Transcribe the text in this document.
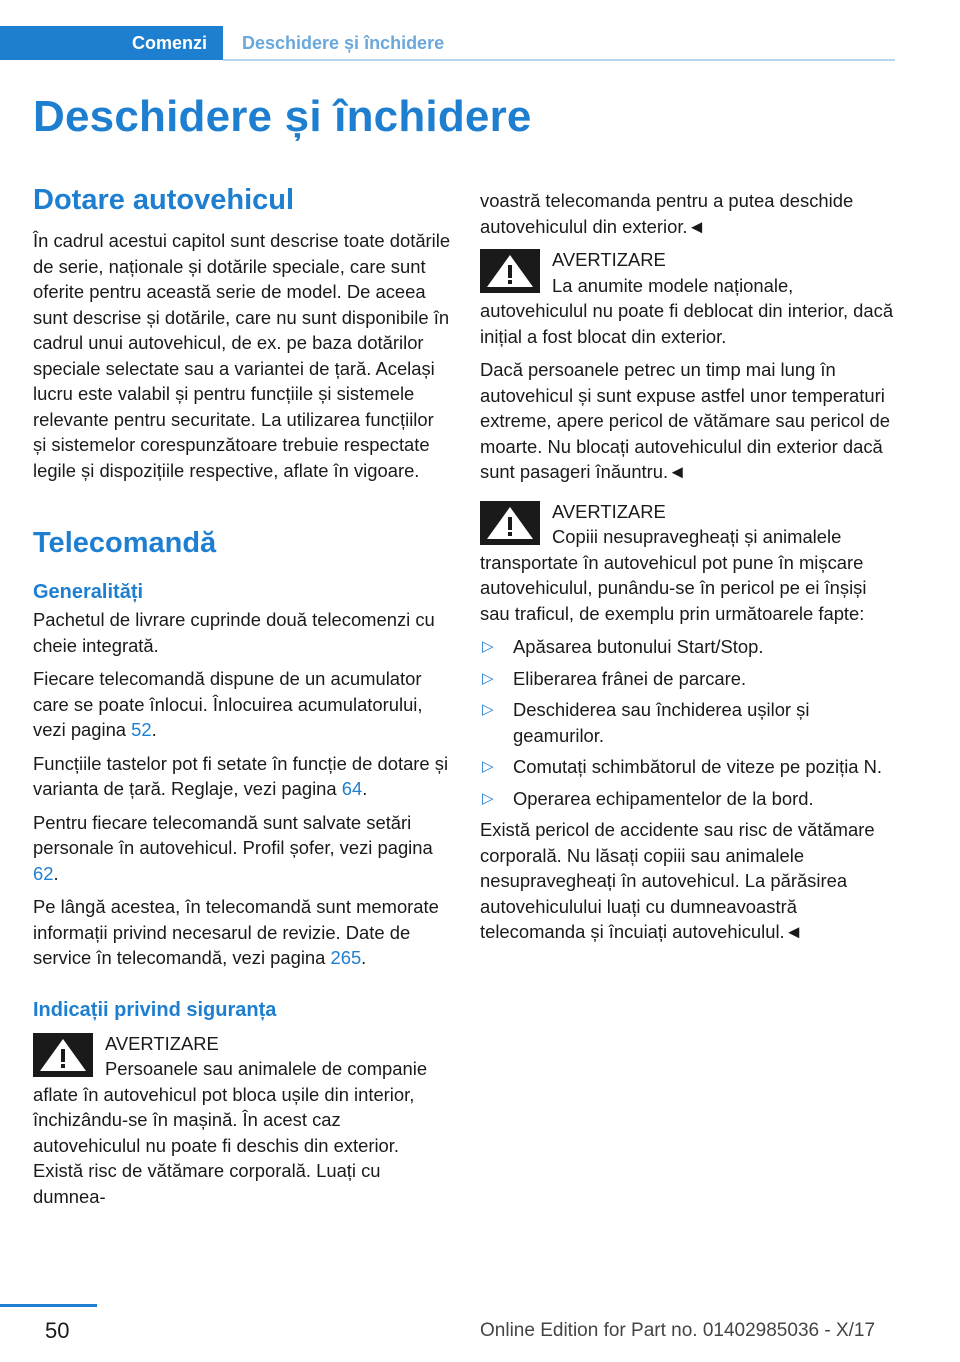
Comenzi	Deschidere și închidere
Deschidere și închidere
Dotare autovehicul

În cadrul acestui capitol sunt descrise toate dotările de serie, naționale și dotările speciale, care sunt oferite pentru această serie de model. De aceea sunt descrise și dotările, care nu sunt disponibile în cadrul unui autovehicul, de ex. pe baza dotărilor speciale selectate sau a variantei de țară. Același lucru este valabil și pentru funcțiile și sistemele relevante pentru securitate. La utilizarea funcțiilor și sistemelor corespunzătoare trebuie respectate legile și dispozițiile respective, aflate în vigoare.

Telecomandă
Generalități

Pachetul de livrare cuprinde două telecomenzi cu cheie integrată.

Fiecare telecomandă dispune de un acumulator care se poate înlocui. Înlocuirea acumulatorului, vezi pagina 52.

Funcțiile tastelor pot fi setate în funcție de dotare și varianta de țară. Reglaje, vezi pagina 64.

Pentru fiecare telecomandă sunt salvate setări personale în autovehicul. Profil șofer, vezi pagina 62.

Pe lângă acestea, în telecomandă sunt memorate informații privind necesarul de revizie. Date de service în telecomandă, vezi pagina 265.

Indicații privind siguranța
AVERTIZARE
Persoanele sau animalele de companie aflate în autovehicul pot bloca ușile din interior, închizându-se în mașină. În acest caz autovehiculul nu poate fi deschis din exterior. Există risc de vătămare corporală. Luați cu dumnea-

voastră telecomanda pentru a putea deschide autovehiculul din exterior.◄

AVERTIZARE
La anumite modele naționale, autovehiculul nu poate fi deblocat din interior, dacă inițial a fost blocat din exterior.

Dacă persoanele petrec un timp mai lung în autovehicul și sunt expuse astfel unor temperaturi extreme, apere pericol de vătămare sau pericol de moarte. Nu blocați autovehiculul din exterior dacă sunt pasageri înăuntru.◄

AVERTIZARE
Copiii nesupravegheați și animalele transportate în autovehicul pot pune în mișcare autovehiculul, punându-se în pericol pe ei înșiși sau traficul, de exemplu prin următoarele fapte:
▷ Apăsarea butonului Start/Stop.
▷ Eliberarea frânei de parcare.
▷ Deschiderea sau închiderea ușilor și geamurilor.
▷ Comutați schimbătorul de viteze pe poziția N.
▷ Operarea echipamentelor de la bord.

Există pericol de accidente sau risc de vătămare corporală. Nu lăsați copiii sau animalele nesupravegheați în autovehicul. La părăsirea autovehiculului luați cu dumneavoastră telecomanda și încuiați autovehiculul.◄

50	Online Edition for Part no. 01402985036 - X/17
